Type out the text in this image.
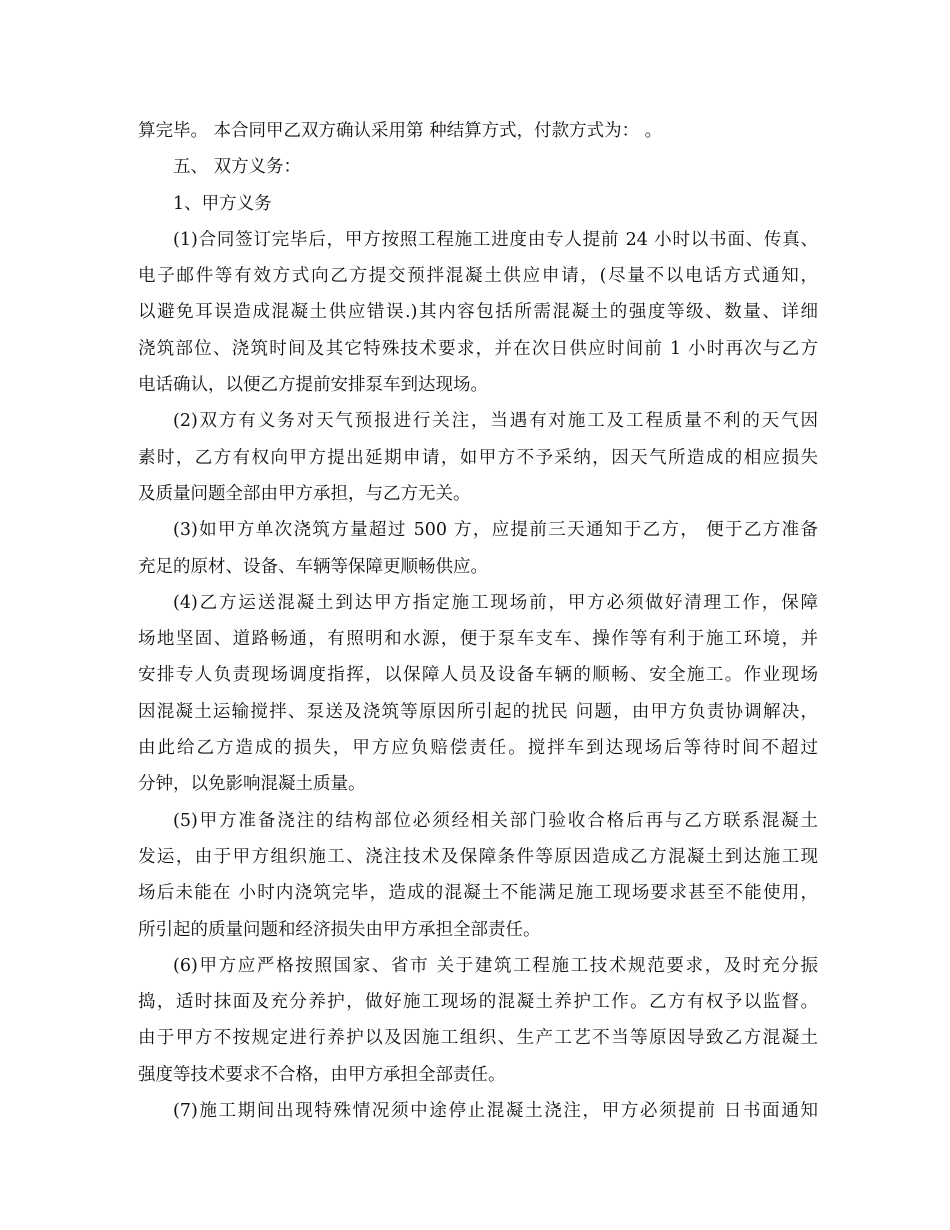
算完毕。 本合同甲乙双方确认采用第 种结算方式，付款方式为： 。
五、 双方义务：
1、甲方义务
(1)合同签订完毕后，甲方按照工程施工进度由专人提前 24 小时以书面、传真、
电子邮件等有效方式向乙方提交预拌混凝土供应申请，(尽量不以电话方式通知，
以避免耳误造成混凝土供应错误.)其内容包括所需混凝土的强度等级、数量、详细
浇筑部位、浇筑时间及其它特殊技术要求，并在次日供应时间前 1 小时再次与乙方
电话确认，以便乙方提前安排泵车到达现场。
(2)双方有义务对天气预报进行关注，当遇有对施工及工程质量不利的天气因
素时，乙方有权向甲方提出延期申请，如甲方不予采纳，因天气所造成的相应损失
及质量问题全部由甲方承担，与乙方无关。
(3)如甲方单次浇筑方量超过 500 方，应提前三天通知于乙方， 便于乙方准备
充足的原材、设备、车辆等保障更顺畅供应。
(4)乙方运送混凝土到达甲方指定施工现场前，甲方必须做好清理工作，保障
场地坚固、道路畅通，有照明和水源，便于泵车支车、操作等有利于施工环境，并
安排专人负责现场调度指挥，以保障人员及设备车辆的顺畅、安全施工。作业现场
因混凝土运输搅拌、泵送及浇筑等原因所引起的扰民 问题，由甲方负责协调解决，
由此给乙方造成的损失，甲方应负赔偿责任。搅拌车到达现场后等待时间不超过
分钟，以免影响混凝土质量。
(5)甲方准备浇注的结构部位必须经相关部门验收合格后再与乙方联系混凝土
发运，由于甲方组织施工、浇注技术及保障条件等原因造成乙方混凝土到达施工现
场后未能在 小时内浇筑完毕，造成的混凝土不能满足施工现场要求甚至不能使用，
所引起的质量问题和经济损失由甲方承担全部责任。
(6)甲方应严格按照国家、省市 关于建筑工程施工技术规范要求，及时充分振
捣，适时抹面及充分养护，做好施工现场的混凝土养护工作。乙方有权予以监督。
由于甲方不按规定进行养护以及因施工组织、生产工艺不当等原因导致乙方混凝土
强度等技术要求不合格，由甲方承担全部责任。
(7)施工期间出现特殊情况须中途停止混凝土浇注，甲方必须提前 日书面通知
